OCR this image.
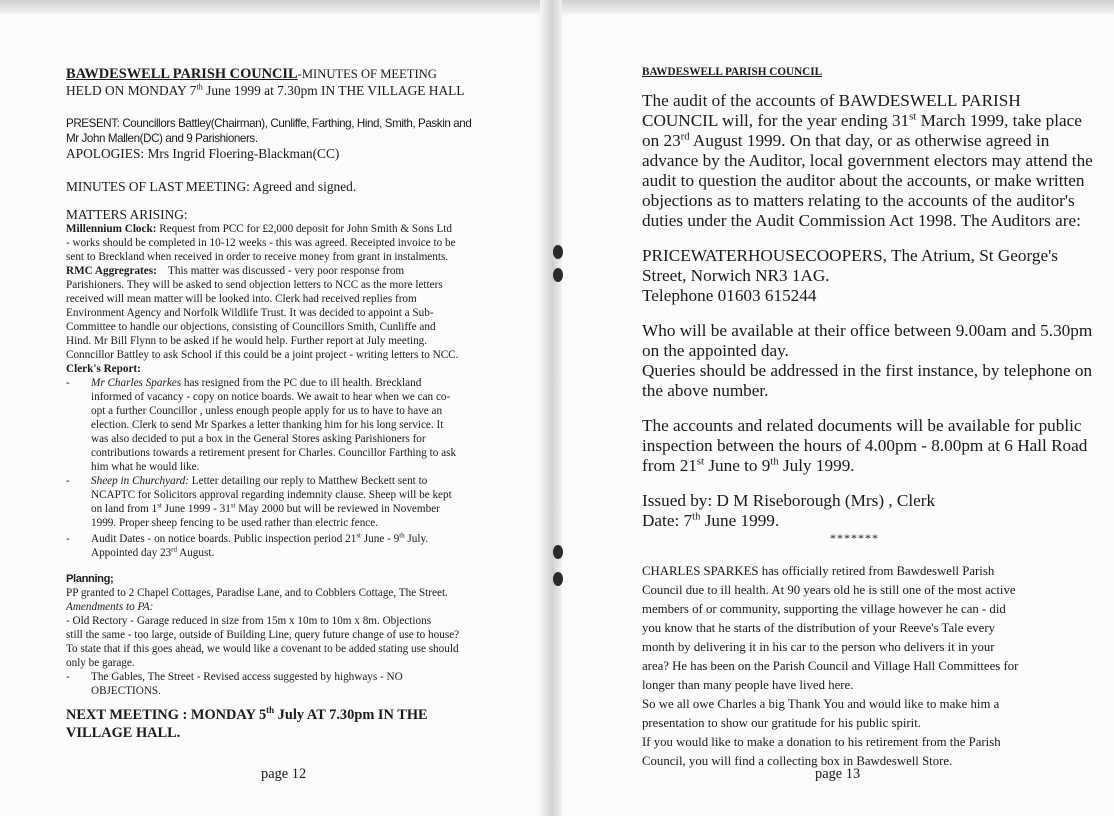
BAWDESWELL PARISH COUNCIL-MINUTES OF MEETING
HELD ON MONDAY 7th June 1999 at 7.30pm IN THE VILLAGE HALL
PRESENT: Councillors Battley(Chairman), Cunliffe, Farthing, Hind, Smith, Paskin and
Mr John Mallen(DC) and 9 Parishioners.
APOLOGIES: Mrs Ingrid Floering-Blackman(CC)
MINUTES OF LAST MEETING: Agreed and signed.
MATTERS ARISING:
Millennium Clock: Request from PCC for £2,000 deposit for John Smith & Sons Ltd
- works should be completed in 10-12 weeks - this was agreed. Receipted invoice to be
sent to Breckland when received in order to receive money from grant in instalments.
RMC Aggregrates: This matter was discussed - very poor response from
Parishioners. They will be asked to send objection letters to NCC as the more letters
received will mean matter will be looked into. Clerk had received replies from
Environment Agency and Norfolk Wildlife Trust. It was decided to appoint a Sub-
Committee to handle our objections, consisting of Councillors Smith, Cunliffe and
Hind. Mr Bill Flynn to be asked if he would help. Further report at July meeting.
Conncillor Battley to ask School if this could be a joint project - writing letters to NCC.
Clerk's Report:
- Mr Charles Sparkes has resigned from the PC due to ill health. Breckland
informed of vacancy - copy on notice boards. We await to hear when we can co-
opt a further Councillor , unless enough people apply for us to have to have an
election. Clerk to send Mr Sparkes a letter thanking him for his long service. It
was also decided to put a box in the General Stores asking Parishioners for
contributions towards a retirement present for Charles. Councillor Farthing to ask
him what he would like.
- Sheep in Churchyard: Letter detailing our reply to Matthew Beckett sent to
NCAPTC for Solicitors approval regarding indemnity clause. Sheep will be kept
on land from 1st June 1999 - 31st May 2000 but will be reviewed in November
1999. Proper sheep fencing to be used rather than electric fence.
- Audit Dates - on notice boards. Public inspection period 21st June - 9th July.
Appointed day 23rd August.
Planning;
PP granted to 2 Chapel Cottages, Paradise Lane, and to Cobblers Cottage, The Street.
Amendments to PA:
- Old Rectory - Garage reduced in size from 15m x 10m to 10m x 8m. Objections
still the same - too large, outside of Building Line, query future change of use to house?
To state that if this goes ahead, we would like a covenant to be added stating use should
only be garage.
- The Gables, The Street - Revised access suggested by highways - NO
OBJECTIONS.
NEXT MEETING : MONDAY 5th July AT 7.30pm IN THE
VILLAGE HALL.
page 12
BAWDESWELL PARISH COUNCIL
The audit of the accounts of BAWDESWELL PARISH
COUNCIL will, for the year ending 31st March 1999, take place
on 23rd August 1999. On that day, or as otherwise agreed in
advance by the Auditor, local government electors may attend the
audit to question the auditor about the accounts, or make written
objections as to matters relating to the accounts of the auditor's
duties under the Audit Commission Act 1998. The Auditors are:
PRICEWATERHOUSECOOPERS, The Atrium, St George's
Street, Norwich NR3 1AG.
Telephone 01603 615244
Who will be available at their office between 9.00am and 5.30pm
on the appointed day.
Queries should be addressed in the first instance, by telephone on
the above number.
The accounts and related documents will be available for public
inspection between the hours of 4.00pm - 8.00pm at 6 Hall Road
from 21st June to 9th July 1999.
Issued by: D M Riseborough (Mrs) , Clerk
Date: 7th June 1999.
*******
CHARLES SPARKES has officially retired from Bawdeswell Parish
Council due to ill health. At 90 years old he is still one of the most active
members of or community, supporting the village however he can - did
you know that he starts of the distribution of your Reeve's Tale every
month by delivering it in his car to the person who delivers it in your
area? He has been on the Parish Council and Village Hall Committees for
longer than many people have lived here.
So we all owe Charles a big Thank You and would like to make him a
presentation to show our gratitude for his public spirit.
If you would like to make a donation to his retirement from the Parish
Council, you will find a collecting box in Bawdeswell Store.
page 13
